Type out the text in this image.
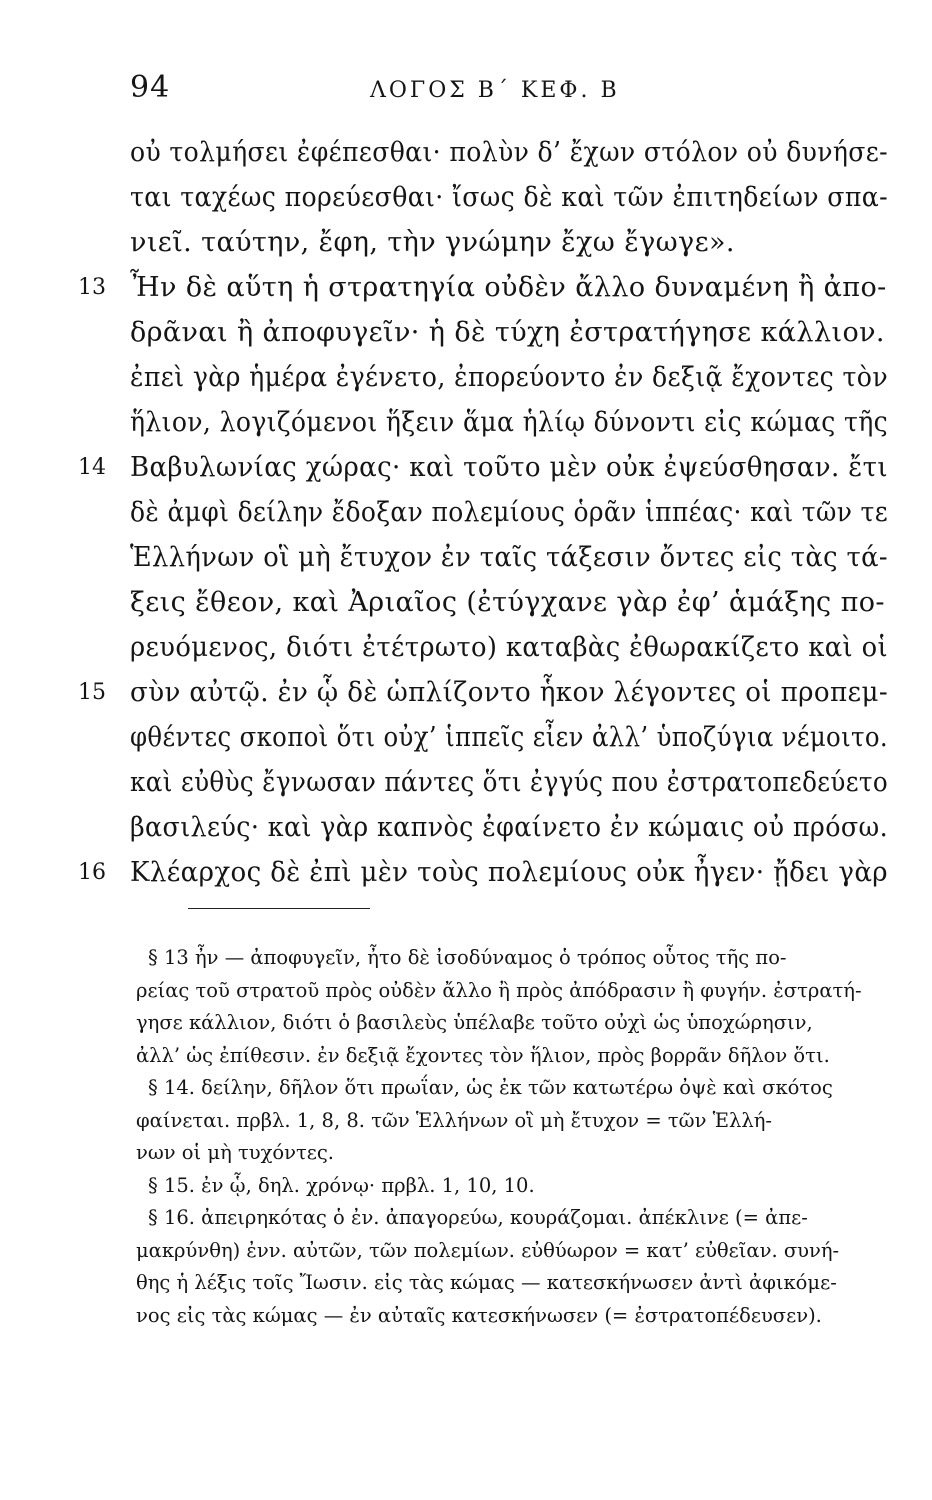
94	ΛΟΓΟΣ Β΄ ΚΕΦ. Β
οὐ τολμήσει ἐφέπεσθαι· πολὺν δ’ ἔχων στόλον οὐ δυνήσε-
ται ταχέως πορεύεσθαι· ἴσως δὲ καὶ τῶν ἐπιτηδείων σπα-
νιεῖ. ταύτην, ἔφη, τὴν γνώμην ἔχω ἔγωγε».
13 Ἦν δὲ αὕτη ἡ στρατηγία οὐδὲν ἄλλο δυναμένη ἢ ἀπο-
δρᾶναι ἢ ἀποφυγεῖν· ἡ δὲ τύχη ἐστρατήγησε κάλλιον.
ἐπεὶ γὰρ ἡμέρα ἐγένετο, ἐπορεύοντο ἐν δεξιᾷ ἔχοντες τὸν
ἥλιον, λογιζόμενοι ἥξειν ἅμα ἡλίῳ δύνοντι εἰς κώμας τῆς
14 Βαβυλωνίας χώρας· καὶ τοῦτο μὲν οὐκ ἐψεύσθησαν. ἔτι
δὲ ἀμφὶ δείλην ἔδοξαν πολεμίους ὁρᾶν ἱππέας· καὶ τῶν τε
Ἑλλήνων οἳ μὴ ἔτυχον ἐν ταῖς τάξεσιν ὄντες εἰς τὰς τά-
ξεις ἔθεον, καὶ Ἀριαῖος (ἐτύγχανε γὰρ ἐφ’ ἁμάξης πο-
ρευόμενος, διότι ἐτέτρωτο) καταβὰς ἐθωρακίζετο καὶ οἱ
15 σὺν αὐτῷ. ἐν ᾧ δὲ ὡπλίζοντο ἧκον λέγοντες οἱ προπεμ-
φθέντες σκοποὶ ὅτι οὐχ’ ἱππεῖς εἶεν ἀλλ’ ὑποζύγια νέμοιτο.
καὶ εὐθὺς ἔγνωσαν πάντες ὅτι ἐγγύς που ἐστρατοπεδεύετο
βασιλεύς· καὶ γὰρ καπνὸς ἐφαίνετο ἐν κώμαις οὐ πρόσω.
16 Κλέαρχος δὲ ἐπὶ μὲν τοὺς πολεμίους οὐκ ἦγεν· ᾔδει γὰρ
§ 13 ἦν — ἀποφυγεῖν, ἦτο δὲ ἰσοδύναμος ὁ τρόπος οὗτος τῆς πο-
ρείας τοῦ στρατοῦ πρὸς οὐδὲν ἄλλο ἢ πρὸς ἀπόδρασιν ἢ φυγήν. ἐστρατή-
γησε κάλλιον, διότι ὁ βασιλεὺς ὑπέλαβε τοῦτο οὐχὶ ὡς ὑποχώρησιν,
ἀλλ’ ὡς ἐπίθεσιν. ἐν δεξιᾷ ἔχοντες τὸν ἥλιον, πρὸς βορρᾶν δῆλον ὅτι.
§ 14. δείλην, δῆλον ὅτι πρωΐαν, ὡς ἐκ τῶν κατωτέρω ὀψὲ καὶ σκότος
φαίνεται. πρβλ. 1, 8, 8. τῶν Ἑλλήνων οἳ μὴ ἔτυχον = τῶν Ἑλλή-
νων οἱ μὴ τυχόντες.
§ 15. ἐν ᾧ, δηλ. χρόνῳ· πρβλ. 1, 10, 10.
§ 16. ἀπειρηκότας ὁ ἐν. ἀπαγορεύω, κουράζομαι. ἀπέκλινε (= ἀπε-
μακρύνθη) ἐνν. αὐτῶν, τῶν πολεμίων. εὐθύωρον = κατ’ εὐθεῖαν. συνή-
θης ἡ λέξις τοῖς Ἴωσιν. εἰς τὰς κώμας — κατεσκήνωσεν ἀντὶ ἀφικόμε-
νος εἰς τὰς κώμας — ἐν αὐταῖς κατεσκήνωσεν (= ἐστρατοπέδευσεν).
